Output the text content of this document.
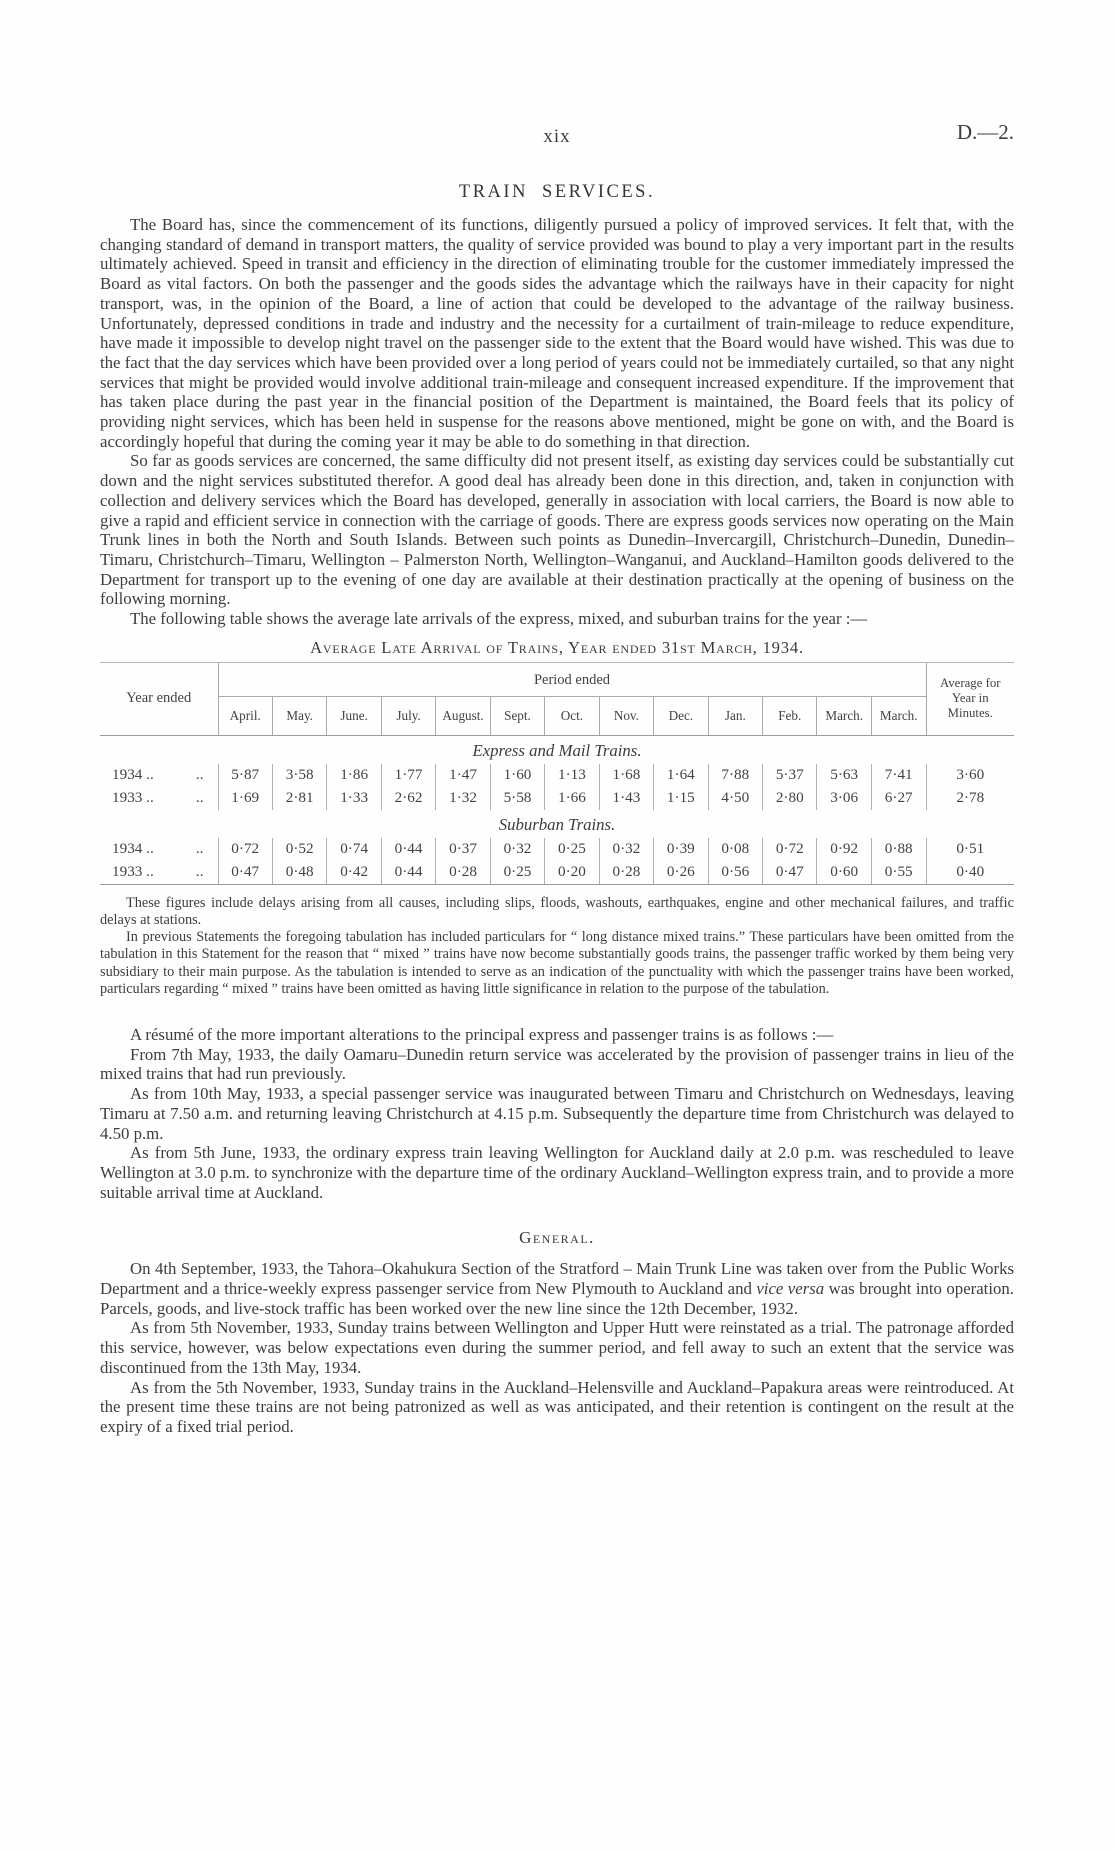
xix	D.—2.
TRAIN SERVICES.

The Board has, since the commencement of its functions, diligently pursued a policy of improved services. It felt that, with the changing standard of demand in transport matters, the quality of service provided was bound to play a very important part in the results ultimately achieved. Speed in transit and efficiency in the direction of eliminating trouble for the customer immediately impressed the Board as vital factors. On both the passenger and the goods sides the advantage which the railways have in their capacity for night transport, was, in the opinion of the Board, a line of action that could be developed to the advantage of the railway business. Unfortunately, depressed conditions in trade and industry and the necessity for a curtailment of train-mileage to reduce expenditure, have made it impossible to develop night travel on the passenger side to the extent that the Board would have wished. This was due to the fact that the day services which have been provided over a long period of years could not be immediately curtailed, so that any night services that might be provided would involve additional train-mileage and consequent increased expenditure. If the improvement that has taken place during the past year in the financial position of the Department is maintained, the Board feels that its policy of providing night services, which has been held in suspense for the reasons above mentioned, might be gone on with, and the Board is accordingly hopeful that during the coming year it may be able to do something in that direction.

So far as goods services are concerned, the same difficulty did not present itself, as existing day services could be substantially cut down and the night services substituted therefor. A good deal has already been done in this direction, and, taken in conjunction with collection and delivery services which the Board has developed, generally in association with local carriers, the Board is now able to give a rapid and efficient service in connection with the carriage of goods. There are express goods services now operating on the Main Trunk lines in both the North and South Islands. Between such points as Dunedin–Invercargill, Christchurch–Dunedin, Dunedin–Timaru, Christchurch–Timaru, Wellington – Palmerston North, Wellington–Wanganui, and Auckland–Hamilton goods delivered to the Department for transport up to the evening of one day are available at their destination practically at the opening of business on the following morning.

The following table shows the average late arrivals of the express, mixed, and suburban trains for the year :—

Average Late Arrival of Trains, Year ended 31st March, 1934.
Year ended	Period ended													Average for Year in Minutes.
	April.	May.	June.	July.	August.	Sept.	Oct.	Nov.	Dec.	Jan.	Feb.	March.	March.	
Express and Mail Trains.														

1934 .. ..	5·87	3·58	1·86	1·77	1·47	1·60	1·13	1·68	1·64	7·88	5·37	5·63	7·41	3·60

1933 .. ..	1·69	2·81	1·33	2·62	1·32	5·58	1·66	1·43	1·15	4·50	2·80	3·06	6·27	2·78
Suburban Trains.														

1934 .. ..	0·72	0·52	0·74	0·44	0·37	0·32	0·25	0·32	0·39	0·08	0·72	0·92	0·88	0·51

1933 .. ..	0·47	0·48	0·42	0·44	0·28	0·25	0·20	0·28	0·26	0·56	0·47	0·60	0·55	0·40

These figures include delays arising from all causes, including slips, floods, washouts, earthquakes, engine and other mechanical failures, and traffic delays at stations.

In previous Statements the foregoing tabulation has included particulars for “ long distance mixed trains.” These particulars have been omitted from the tabulation in this Statement for the reason that “ mixed ” trains have now become substantially goods trains, the passenger traffic worked by them being very subsidiary to their main purpose. As the tabulation is intended to serve as an indication of the punctuality with which the passenger trains have been worked, particulars regarding “ mixed ” trains have been omitted as having little significance in relation to the purpose of the tabulation.

A résumé of the more important alterations to the principal express and passenger trains is as follows :—

From 7th May, 1933, the daily Oamaru–Dunedin return service was accelerated by the provision of passenger trains in lieu of the mixed trains that had run previously.

As from 10th May, 1933, a special passenger service was inaugurated between Timaru and Christchurch on Wednesdays, leaving Timaru at 7.50 a.m. and returning leaving Christchurch at 4.15 p.m. Subsequently the departure time from Christchurch was delayed to 4.50 p.m.

As from 5th June, 1933, the ordinary express train leaving Wellington for Auckland daily at 2.0 p.m. was rescheduled to leave Wellington at 3.0 p.m. to synchronize with the departure time of the ordinary Auckland–Wellington express train, and to provide a more suitable arrival time at Auckland.

General.

On 4th September, 1933, the Tahora–Okahukura Section of the Stratford – Main Trunk Line was taken over from the Public Works Department and a thrice-weekly express passenger service from New Plymouth to Auckland and vice versa was brought into operation. Parcels, goods, and live-stock traffic has been worked over the new line since the 12th December, 1932.

As from 5th November, 1933, Sunday trains between Wellington and Upper Hutt were reinstated as a trial. The patronage afforded this service, however, was below expectations even during the summer period, and fell away to such an extent that the service was discontinued from the 13th May, 1934.

As from the 5th November, 1933, Sunday trains in the Auckland–Helensville and Auckland–Papakura areas were reintroduced. At the present time these trains are not being patronized as well as was anticipated, and their retention is contingent on the result at the expiry of a fixed trial period.
